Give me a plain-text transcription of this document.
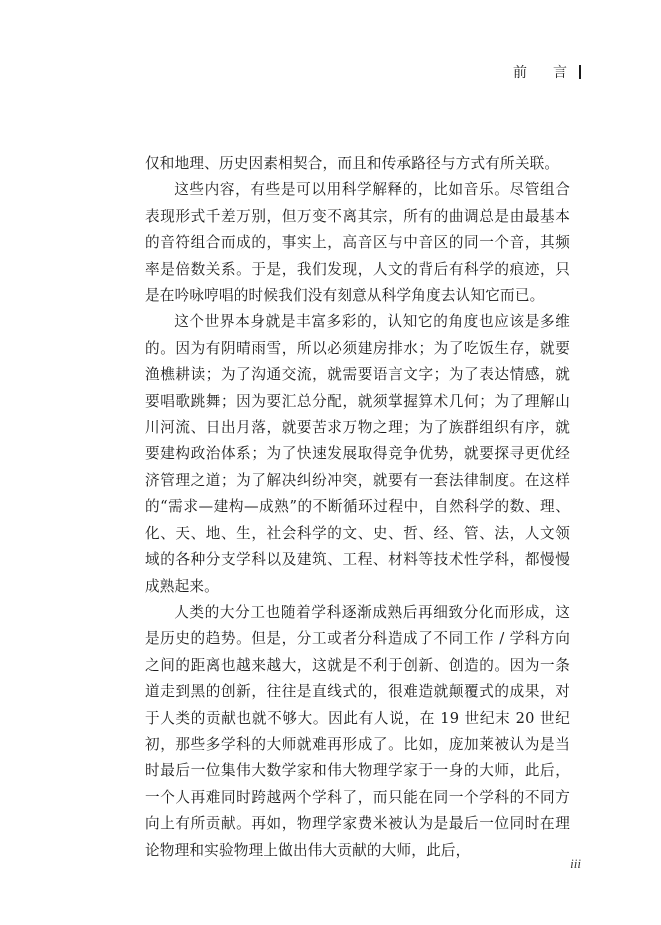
前 言

仅和地理、历史因素相契合，而且和传承路径与方式有所关联。

这些内容，有些是可以用科学解释的，比如音乐。尽管组合表现形式千差万别，但万变不离其宗，所有的曲调总是由最基本的音符组合而成的，事实上，高音区与中音区的同一个音，其频率是倍数关系。于是，我们发现，人文的背后有科学的痕迹，只是在吟咏哼唱的时候我们没有刻意从科学角度去认知它而已。

这个世界本身就是丰富多彩的，认知它的角度也应该是多维的。因为有阴晴雨雪，所以必须建房排水；为了吃饭生存，就要渔樵耕读；为了沟通交流，就需要语言文字；为了表达情感，就要唱歌跳舞；因为要汇总分配，就须掌握算术几何；为了理解山川河流、日出月落，就要苦求万物之理；为了族群组织有序，就要建构政治体系；为了快速发展取得竞争优势，就要探寻更优经济管理之道；为了解决纠纷冲突，就要有一套法律制度。在这样的“需求—建构—成熟”的不断循环过程中，自然科学的数、理、化、天、地、生，社会科学的文、史、哲、经、管、法，人文领域的各种分支学科以及建筑、工程、材料等技术性学科，都慢慢成熟起来。

人类的大分工也随着学科逐渐成熟后再细致分化而形成，这是历史的趋势。但是，分工或者分科造成了不同工作 / 学科方向之间的距离也越来越大，这就是不利于创新、创造的。因为一条道走到黑的创新，往往是直线式的，很难造就颠覆式的成果，对于人类的贡献也就不够大。因此有人说，在 19 世纪末 20 世纪初，那些多学科的大师就难再形成了。比如，庞加莱被认为是当时最后一位集伟大数学家和伟大物理学家于一身的大师，此后，一个人再难同时跨越两个学科了，而只能在同一个学科的不同方向上有所贡献。再如，物理学家费米被认为是最后一位同时在理论物理和实验物理上做出伟大贡献的大师，此后，

iii
